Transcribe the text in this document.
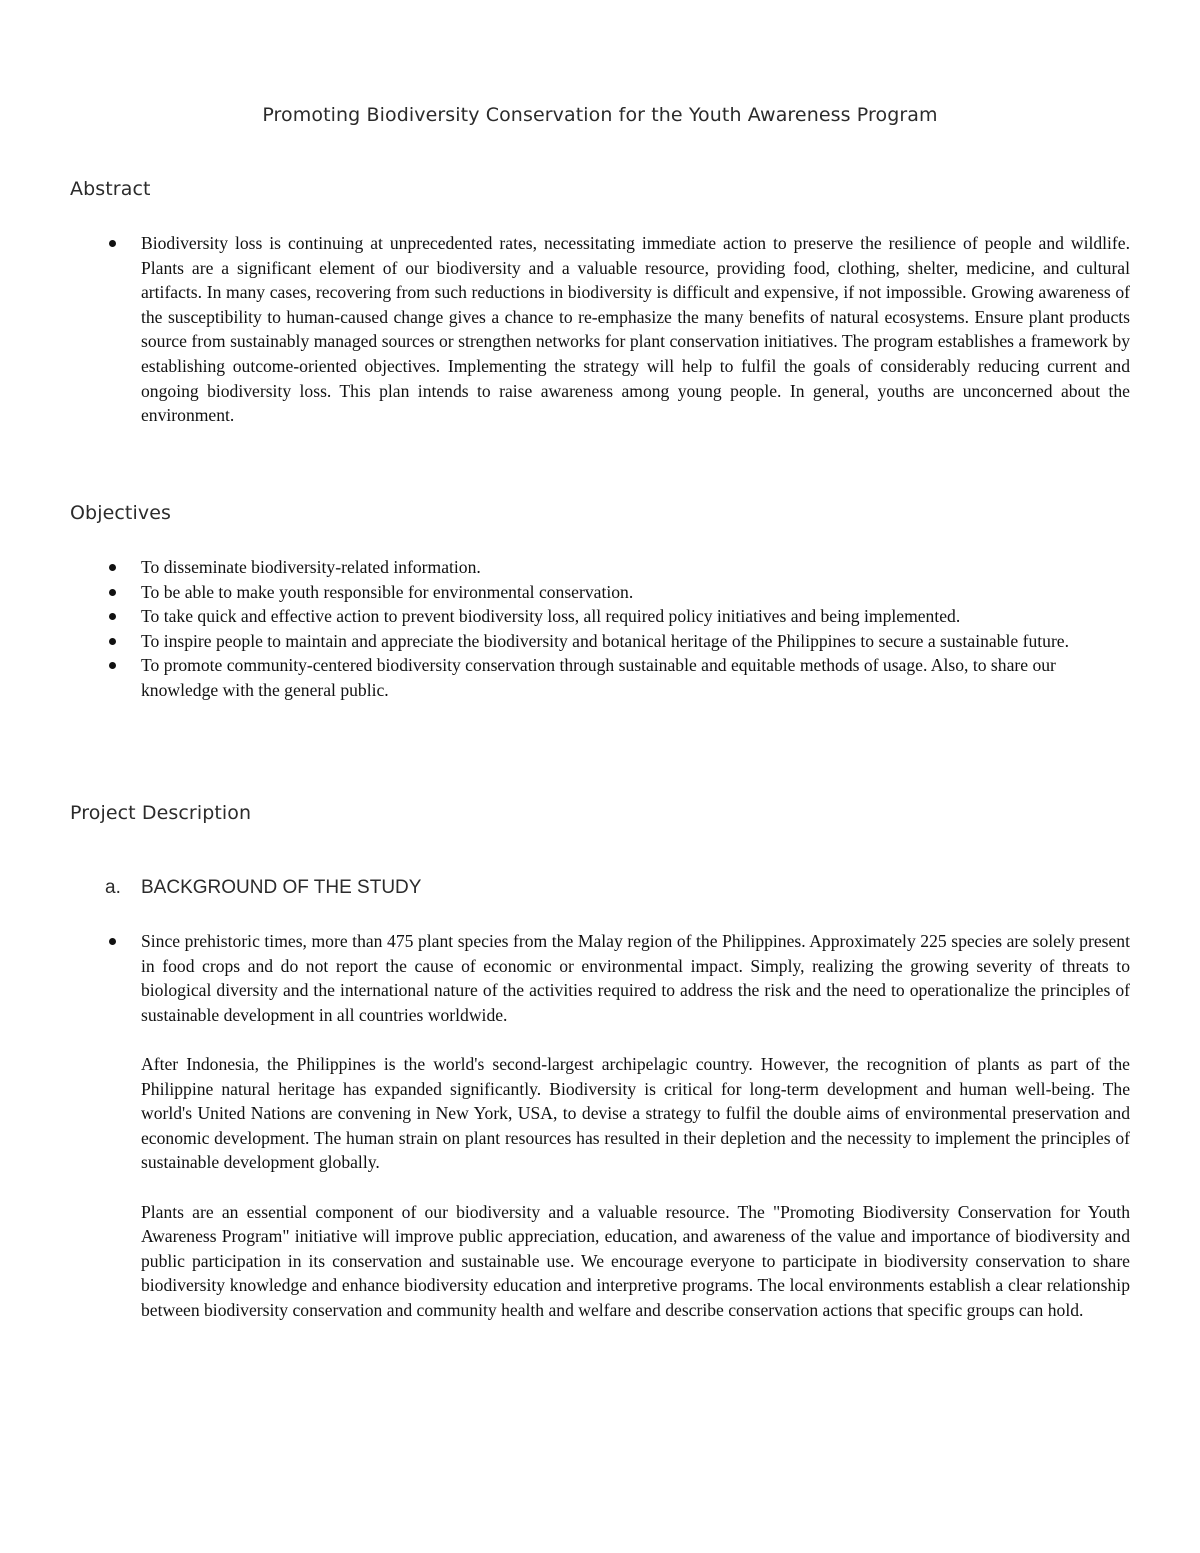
Promoting Biodiversity Conservation for the Youth Awareness Program
Abstract
Biodiversity loss is continuing at unprecedented rates, necessitating immediate action to preserve the resilience of people and wildlife. Plants are a significant element of our biodiversity and a valuable resource, providing food, clothing, shelter, medicine, and cultural artifacts. In many cases, recovering from such reductions in biodiversity is difficult and expensive, if not impossible. Growing awareness of the susceptibility to human-caused change gives a chance to re-emphasize the many benefits of natural ecosystems. Ensure plant products source from sustainably managed sources or strengthen networks for plant conservation initiatives. The program establishes a framework by establishing outcome-oriented objectives. Implementing the strategy will help to fulfil the goals of considerably reducing current and ongoing biodiversity loss. This plan intends to raise awareness among young people. In general, youths are unconcerned about the environment.
Objectives
To disseminate biodiversity-related information.
To be able to make youth responsible for environmental conservation.
To take quick and effective action to prevent biodiversity loss, all required policy initiatives and being implemented.
To inspire people to maintain and appreciate the biodiversity and botanical heritage of the Philippines to secure a sustainable future.
To promote community-centered biodiversity conservation through sustainable and equitable methods of usage. Also, to share our knowledge with the general public.
Project Description
a. BACKGROUND OF THE STUDY
Since prehistoric times, more than 475 plant species from the Malay region of the Philippines. Approximately 225 species are solely present in food crops and do not report the cause of economic or environmental impact. Simply, realizing the growing severity of threats to biological diversity and the international nature of the activities required to address the risk and the need to operationalize the principles of sustainable development in all countries worldwide.
After Indonesia, the Philippines is the world's second-largest archipelagic country. However, the recognition of plants as part of the Philippine natural heritage has expanded significantly. Biodiversity is critical for long-term development and human well-being. The world's United Nations are convening in New York, USA, to devise a strategy to fulfil the double aims of environmental preservation and economic development. The human strain on plant resources has resulted in their depletion and the necessity to implement the principles of sustainable development globally.
Plants are an essential component of our biodiversity and a valuable resource. The "Promoting Biodiversity Conservation for Youth Awareness Program" initiative will improve public appreciation, education, and awareness of the value and importance of biodiversity and public participation in its conservation and sustainable use. We encourage everyone to participate in biodiversity conservation to share biodiversity knowledge and enhance biodiversity education and interpretive programs. The local environments establish a clear relationship between biodiversity conservation and community health and welfare and describe conservation actions that specific groups can hold.
